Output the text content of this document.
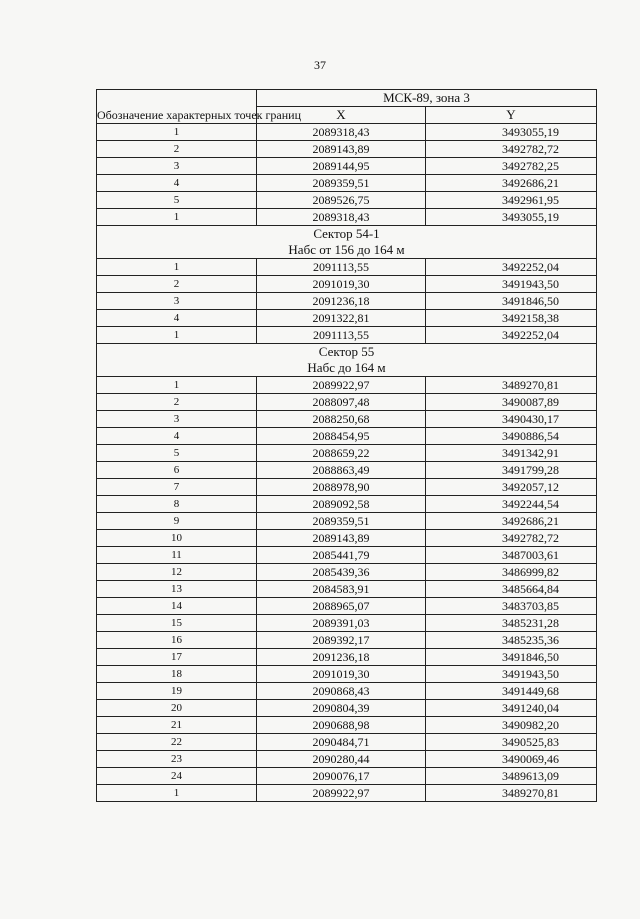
37
Обозначение характерных точек границ	МСК-89, зона 3	
	X	Y
1	2089318,43	3493055,19
2	2089143,89	3492782,72
3	2089144,95	3492782,25
4	2089359,51	3492686,21
5	2089526,75	3492961,95
1	2089318,43	3493055,19

Сектор 54-1
Набс от 156 до 164 м		

1	2091113,55	3492252,04
2	2091019,30	3491943,50
3	2091236,18	3491846,50
4	2091322,81	3492158,38
1	2091113,55	3492252,04

Сектор 55
Набс до 164 м		

1	2089922,97	3489270,81
2	2088097,48	3490087,89
3	2088250,68	3490430,17
4	2088454,95	3490886,54
5	2088659,22	3491342,91
6	2088863,49	3491799,28
7	2088978,90	3492057,12
8	2089092,58	3492244,54
9	2089359,51	3492686,21
10	2089143,89	3492782,72
11	2085441,79	3487003,61
12	2085439,36	3486999,82
13	2084583,91	3485664,84
14	2088965,07	3483703,85
15	2089391,03	3485231,28
16	2089392,17	3485235,36
17	2091236,18	3491846,50
18	2091019,30	3491943,50
19	2090868,43	3491449,68
20	2090804,39	3491240,04
21	2090688,98	3490982,20
22	2090484,71	3490525,83
23	2090280,44	3490069,46
24	2090076,17	3489613,09
1	2089922,97	3489270,81
